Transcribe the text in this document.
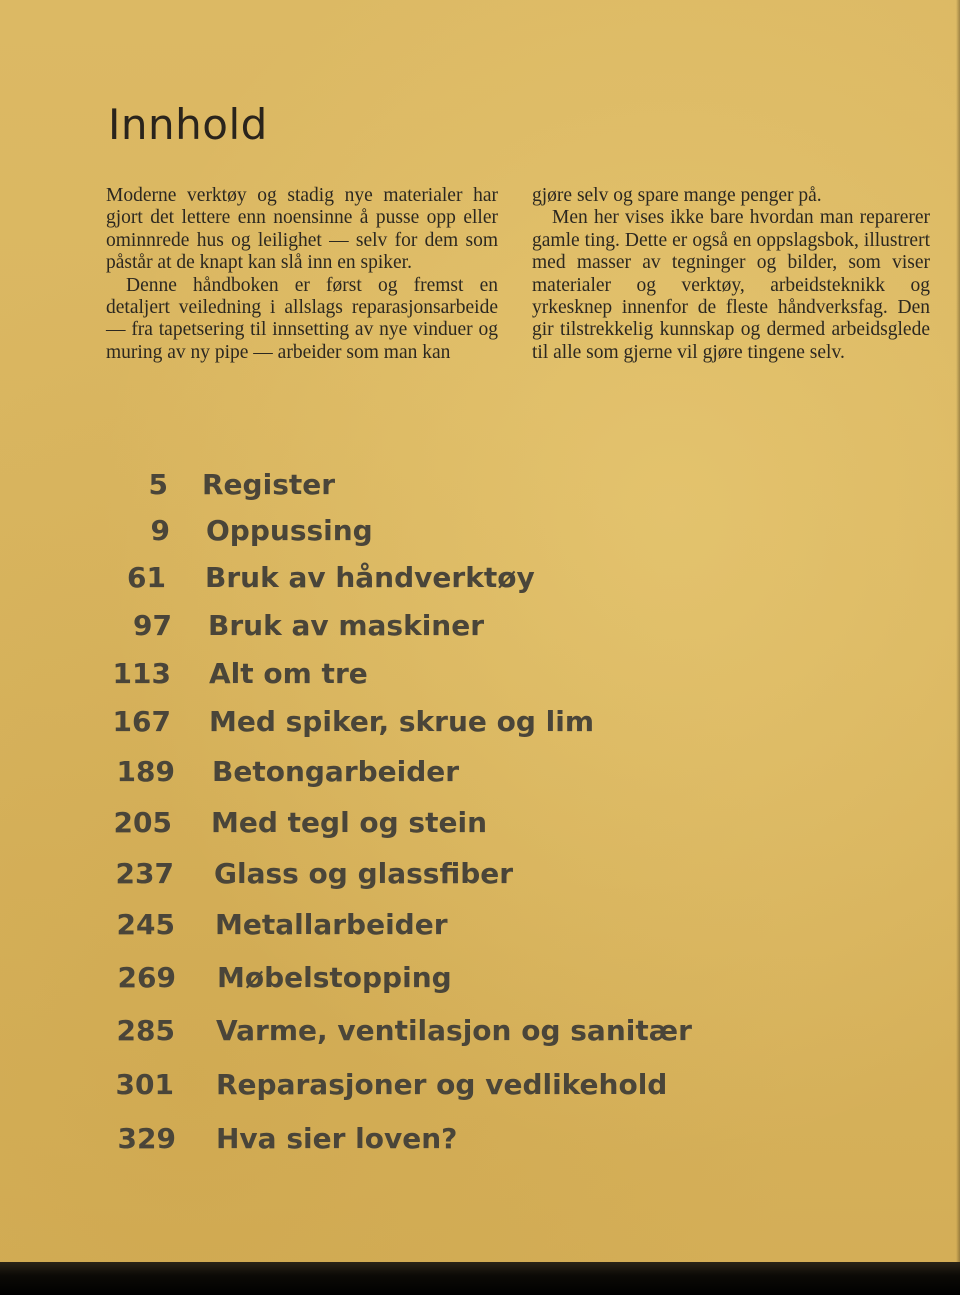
Innhold

Moderne verktøy og stadig nye materialer har gjort det lettere enn noensinne å pusse opp eller ominnrede hus og leilighet — selv for dem som påstår at de knapt kan slå inn en spiker.

Denne håndboken er først og fremst en detaljert veiledning i allslags reparasjonsarbeide — fra tapetsering til innsetting av nye vinduer og muring av ny pipe — arbeider som man kan

gjøre selv og spare mange penger på.

Men her vises ikke bare hvordan man reparerer gamle ting. Dette er også en oppslagsbok, illustrert med masser av tegninger og bilder, som viser materialer og verktøy, arbeidsteknikk og yrkesknep innenfor de fleste håndverksfag. Den gir tilstrekkelig kunnskap og dermed arbeidsglede til alle som gjerne vil gjøre tingene selv.

5 Register
9 Oppussing
61 Bruk av håndverktøy
97 Bruk av maskiner
113 Alt om tre
167 Med spiker, skrue og lim
189 Betongarbeider
205 Med tegl og stein
237 Glass og glassfiber
245 Metallarbeider
269 Møbelstopping
285 Varme, ventilasjon og sanitær
301 Reparasjoner og vedlikehold
329 Hva sier loven?
